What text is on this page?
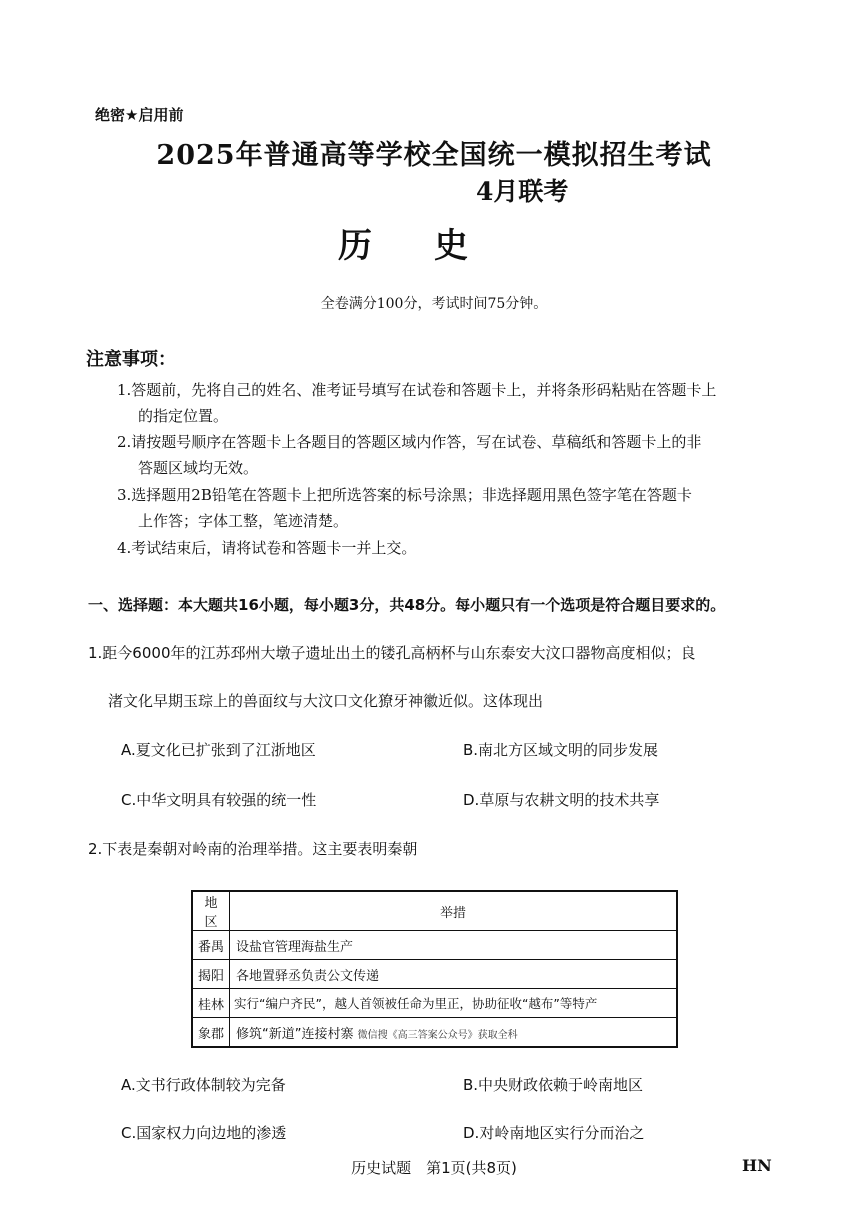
绝密★启用前
2025年普通高等学校全国统一模拟招生考试
4月联考
历史
全卷满分100分，考试时间75分钟。
注意事项：
1.答题前，先将自己的姓名、准考证号填写在试卷和答题卡上，并将条形码粘贴在答题卡上
的指定位置。
2.请按题号顺序在答题卡上各题目的答题区域内作答，写在试卷、草稿纸和答题卡上的非
答题区域均无效。
3.选择题用2B铅笔在答题卡上把所选答案的标号涂黑；非选择题用黑色签字笔在答题卡
上作答；字体工整，笔迹清楚。
4.考试结束后，请将试卷和答题卡一并上交。
一、选择题：本大题共16小题，每小题3分，共48分。每小题只有一个选项是符合题目要求的。
1.距今6000年的江苏邳州大墩子遗址出土的镂孔高柄杯与山东泰安大汶口器物高度相似；良
渚文化早期玉琮上的兽面纹与大汶口文化獠牙神徽近似。这体现出
A.夏文化已扩张到了江浙地区	B.南北方区域文明的同步发展
C.中华文明具有较强的统一性	D.草原与农耕文明的技术共享
2.下表是秦朝对岭南的治理举措。这主要表明秦朝
地区	举措
番禺	设盐官管理海盐生产
揭阳	各地置驿丞负责公文传递
桂林	实行“编户齐民”，越人首领被任命为里正，协助征收“越布”等特产
象郡	修筑“新道”连接村寨 微信搜《高三答案公众号》获取全科
A.文书行政体制较为完备	B.中央财政依赖于岭南地区
C.国家权力向边地的渗透	D.对岭南地区实行分而治之
历史试题　第1页(共8页)	HN
